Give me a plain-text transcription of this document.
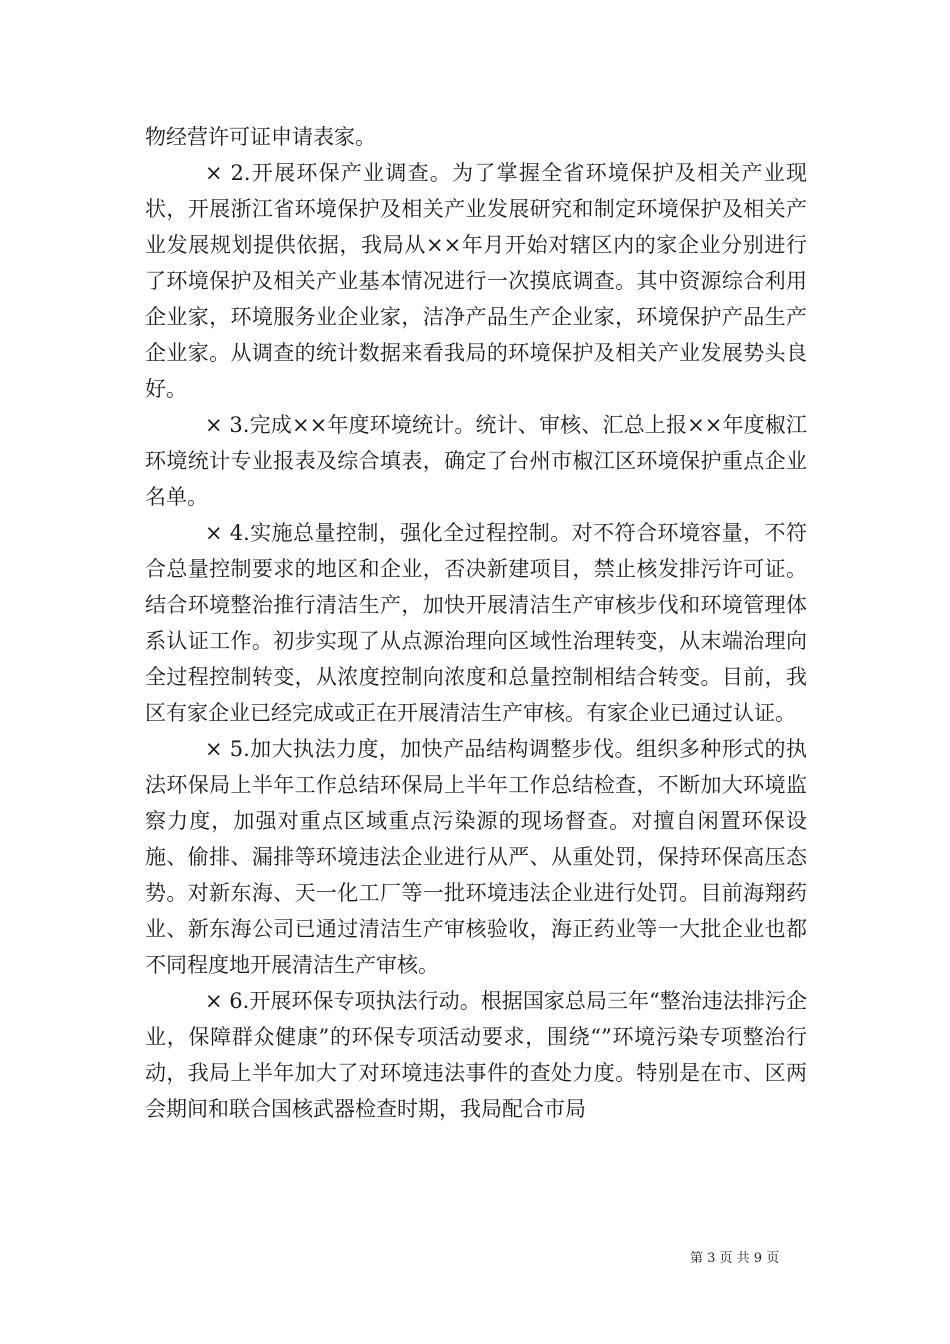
物经营许可证申请表家。

× 2.开展环保产业调查。为了掌握全省环境保护及相关产业现状，开展浙江省环境保护及相关产业发展研究和制定环境保护及相关产业发展规划提供依据，我局从××年月开始对辖区内的家企业分别进行了环境保护及相关产业基本情况进行一次摸底调查。其中资源综合利用企业家，环境服务业企业家，洁净产品生产企业家，环境保护产品生产企业家。从调查的统计数据来看我局的环境保护及相关产业发展势头良好。

× 3.完成××年度环境统计。统计、审核、汇总上报××年度椒江环境统计专业报表及综合填表，确定了台州市椒江区环境保护重点企业名单。

× 4.实施总量控制，强化全过程控制。对不符合环境容量，不符合总量控制要求的地区和企业，否决新建项目，禁止核发排污许可证。结合环境整治推行清洁生产，加快开展清洁生产审核步伐和环境管理体系认证工作。初步实现了从点源治理向区域性治理转变，从末端治理向全过程控制转变，从浓度控制向浓度和总量控制相结合转变。目前，我区有家企业已经完成或正在开展清洁生产审核。有家企业已通过认证。

× 5.加大执法力度，加快产品结构调整步伐。组织多种形式的执法环保局上半年工作总结环保局上半年工作总结检查，不断加大环境监察力度，加强对重点区域重点污染源的现场督查。对擅自闲置环保设施、偷排、漏排等环境违法企业进行从严、从重处罚，保持环保高压态势。对新东海、天一化工厂等一批环境违法企业进行处罚。目前海翔药业、新东海公司已通过清洁生产审核验收，海正药业等一大批企业也都不同程度地开展清洁生产审核。

× 6.开展环保专项执法行动。根据国家总局三年“整治违法排污企业，保障群众健康”的环保专项活动要求，围绕“”环境污染专项整治行动，我局上半年加大了对环境违法事件的查处力度。特别是在市、区两会期间和联合国核武器检查时期，我局配合市局

第 3 页 共 9 页
